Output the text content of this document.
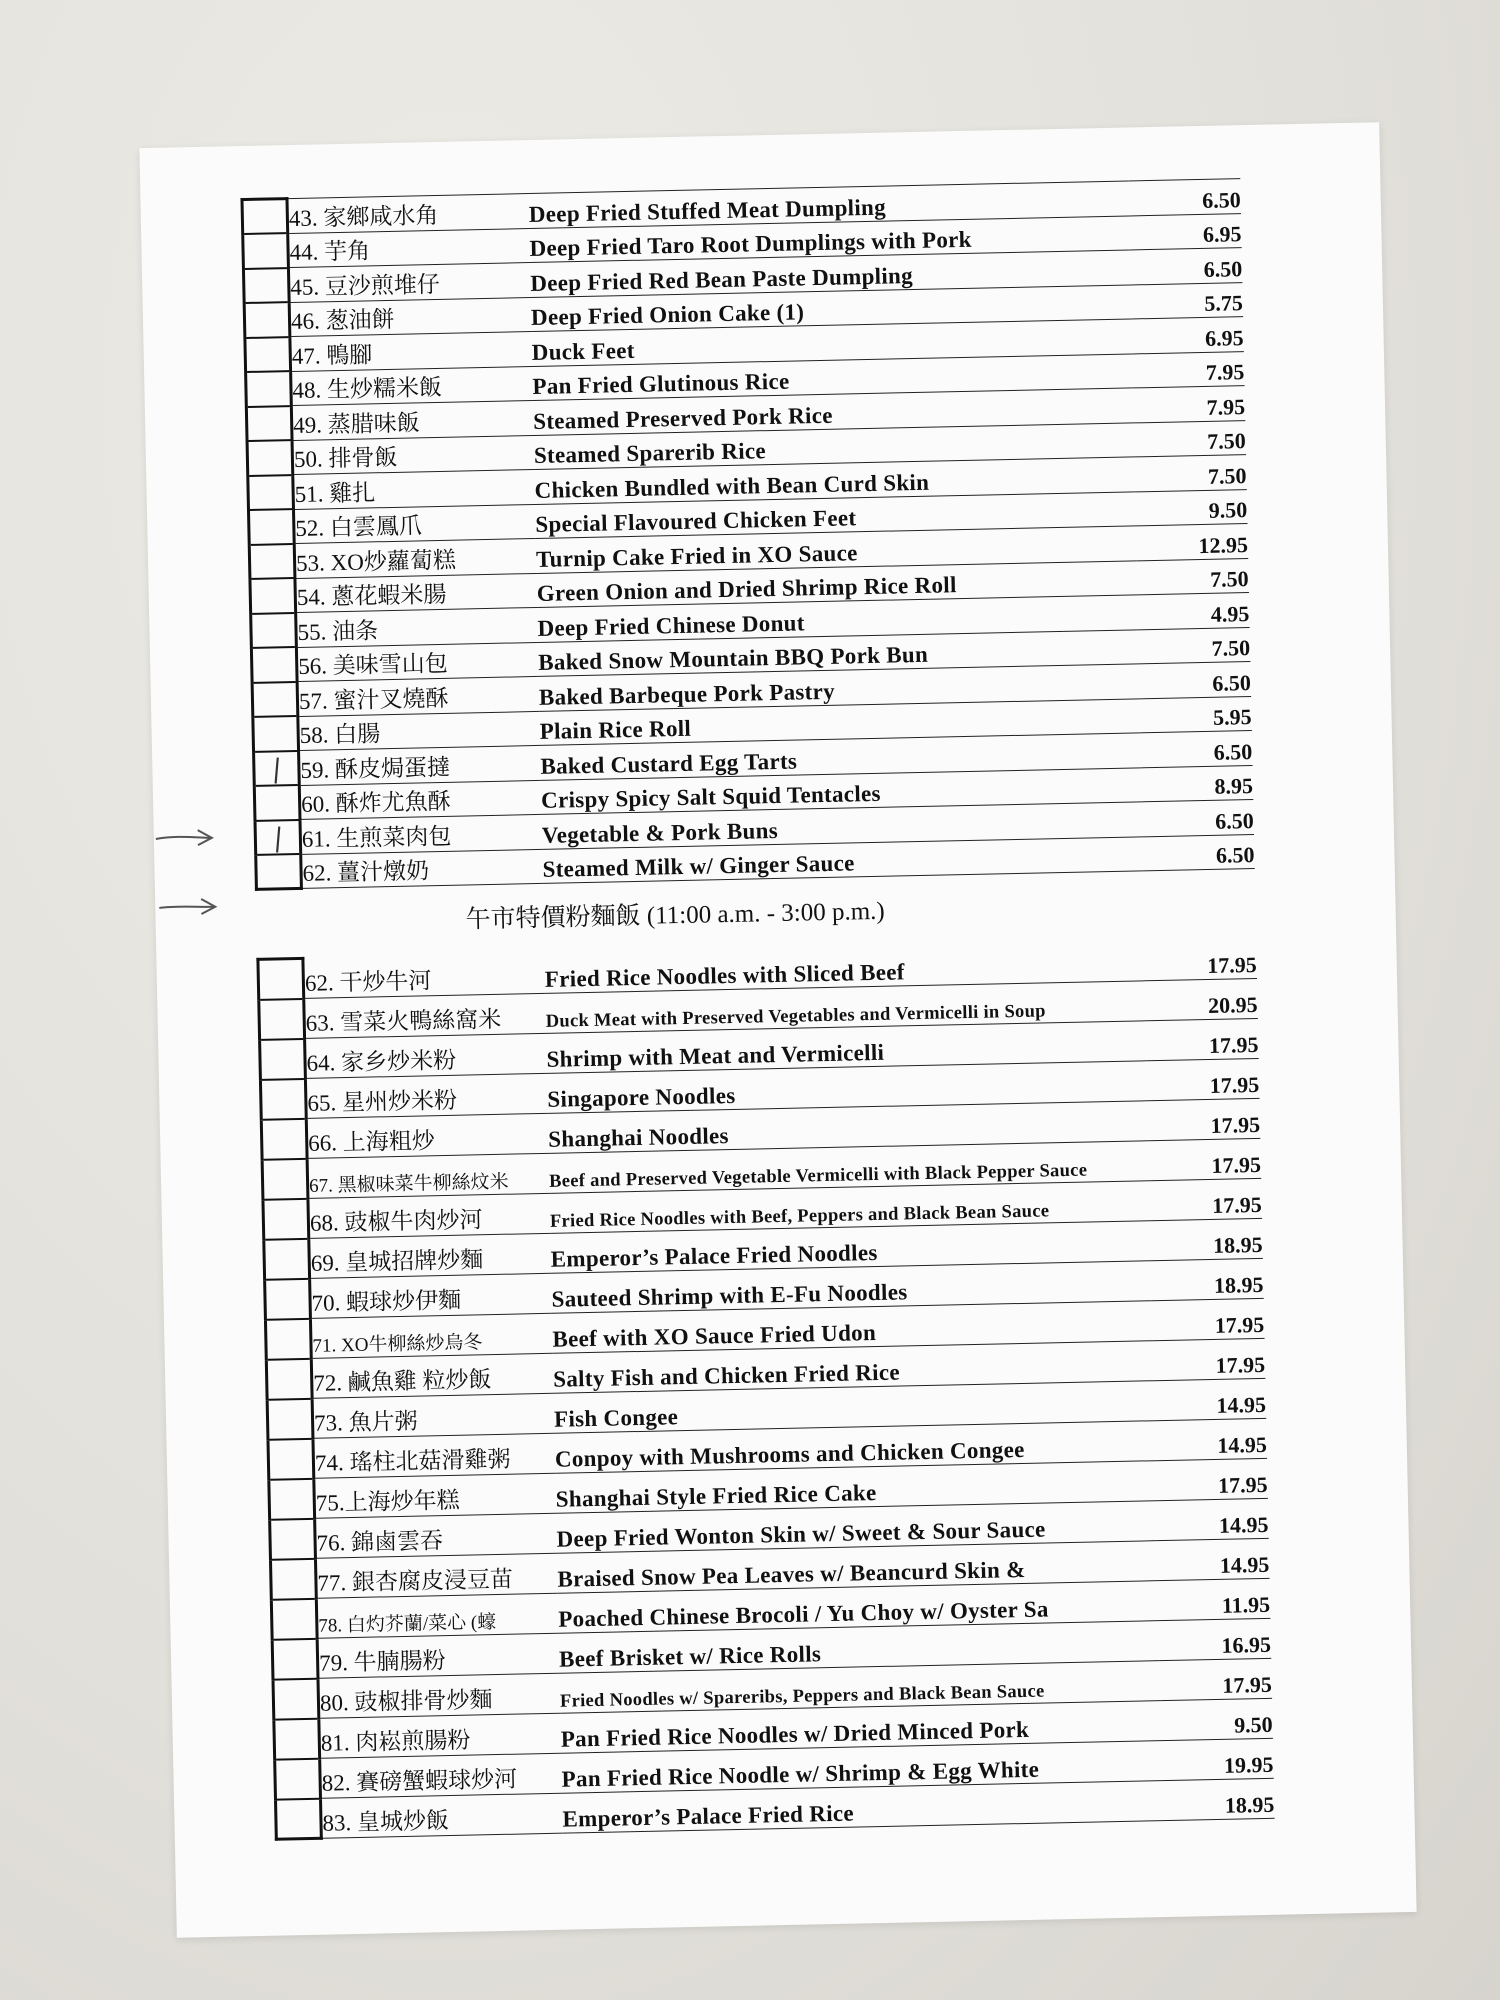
	43. 家鄉咸水角	Deep Fried Stuffed Meat Dumpling	6.50
	44. 芋角	Deep Fried Taro Root Dumplings with Pork	6.95
	45. 豆沙煎堆仔	Deep Fried Red Bean Paste Dumpling	6.50
	46. 葱油餅	Deep Fried Onion Cake (1)	5.75
	47. 鴨腳	Duck Feet	6.95
	48. 生炒糯米飯	Pan Fried Glutinous Rice	7.95
	49. 蒸腊味飯	Steamed Preserved Pork Rice	7.95
	50. 排骨飯	Steamed Sparerib Rice	7.50
	51. 雞扎	Chicken Bundled with Bean Curd Skin	7.50
	52. 白雲鳳爪	Special Flavoured Chicken Feet	9.50
	53. XO炒蘿蔔糕	Turnip Cake Fried in XO Sauce	12.95
	54. 蔥花蝦米腸	Green Onion and Dried Shrimp Rice Roll	7.50
	55. 油条	Deep Fried Chinese Donut	4.95
	56. 美味雪山包	Baked Snow Mountain BBQ Pork Bun	7.50
	57. 蜜汁叉燒酥	Baked Barbeque Pork Pastry	6.50
	58. 白腸	Plain Rice Roll	5.95
|	59. 酥皮焗蛋撻	Baked Custard Egg Tarts	6.50
	60. 酥炸尤魚酥	Crispy Spicy Salt Squid Tentacles	8.95
|	61. 生煎菜肉包	Vegetable & Pork Buns	6.50
	62. 薑汁燉奶	Steamed Milk w/ Ginger Sauce	6.50
午市特價粉麵飯 (11:00 a.m. - 3:00 p.m.)
	62. 干炒牛河	Fried Rice Noodles with Sliced Beef	17.95
	63. 雪菜火鴨絲窩米	Duck Meat with Preserved Vegetables and Vermicelli in Soup	20.95
	64. 家乡炒米粉	Shrimp with Meat and Vermicelli	17.95
	65. 星州炒米粉	Singapore Noodles	17.95
	66. 上海粗炒	Shanghai Noodles	17.95
	67. 黑椒味菜牛柳絲炆米	Beef and Preserved Vegetable Vermicelli with Black Pepper Sauce	17.95
	68. 豉椒牛肉炒河	Fried Rice Noodles with Beef, Peppers and Black Bean Sauce	17.95
	69. 皇城招牌炒麵	Emperor’s Palace Fried Noodles	18.95
	70. 蝦球炒伊麵	Sauteed Shrimp with E-Fu Noodles	18.95
	71. XO牛柳絲炒烏冬	Beef with XO Sauce Fried Udon	17.95
	72. 鹹魚雞 粒炒飯	Salty Fish and Chicken Fried Rice	17.95
	73. 魚片粥	Fish Congee	14.95
	74. 瑤柱北菇滑雞粥	Conpoy with Mushrooms and Chicken Congee	14.95
	75.上海炒年糕	Shanghai Style Fried Rice Cake	17.95
	76. 錦鹵雲吞	Deep Fried Wonton Skin w/ Sweet & Sour Sauce	14.95
	77. 銀杏腐皮浸豆苗	Braised Snow Pea Leaves w/ Beancurd Skin &	14.95
	78. 白灼芥蘭/菜心 (蠔	Poached Chinese Brocoli / Yu Choy w/ Oyster Sa	11.95
	79. 牛腩腸粉	Beef Brisket w/ Rice Rolls	16.95
	80. 豉椒排骨炒麵	Fried Noodles w/ Spareribs, Peppers and Black Bean Sauce	17.95
	81. 肉崧煎腸粉	Pan Fried Rice Noodles w/ Dried Minced Pork	9.50
	82. 賽磅蟹蝦球炒河	Pan Fried Rice Noodle w/ Shrimp & Egg White	19.95
	83. 皇城炒飯	Emperor’s Palace Fried Rice	18.95
